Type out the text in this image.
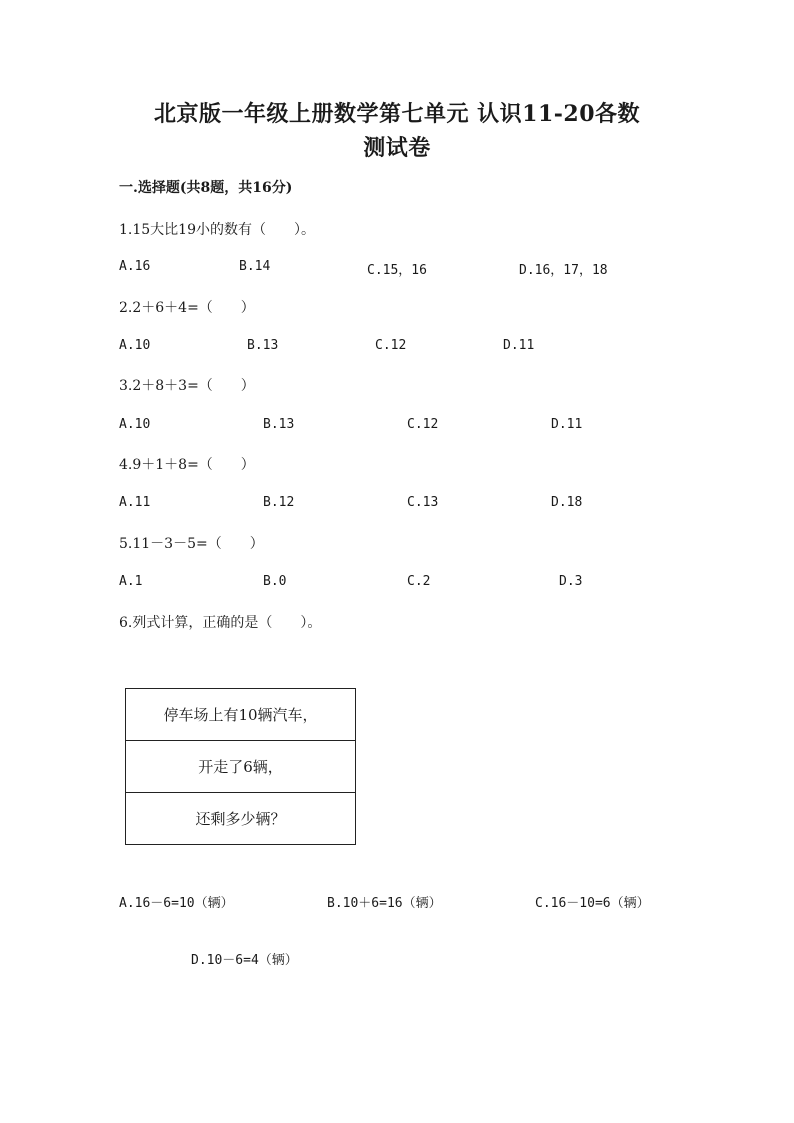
北京版一年级上册数学第七单元 认识11-20各数
测试卷
一.选择题(共8题，共16分)
1.15大比19小的数有（　　）。
A.16	B.14	C.15，16	D.16，17，18
2.2＋6＋4=（　　）
A.10	B.13	C.12	D.11
3.2＋8＋3=（　　）
A.10	B.13	C.12	D.11
4.9＋1＋8=（　　）
A.11	B.12	C.13	D.18
5.11－3－5=（　　）
A.1	B.0	C.2	D.3
6.列式计算，正确的是（　　）。
停车场上有10辆汽车，
开走了6辆，
还剩多少辆？
A.16－6=10（辆）	B.10＋6=16（辆）	C.16－10=6（辆）
D.10－6=4（辆）
